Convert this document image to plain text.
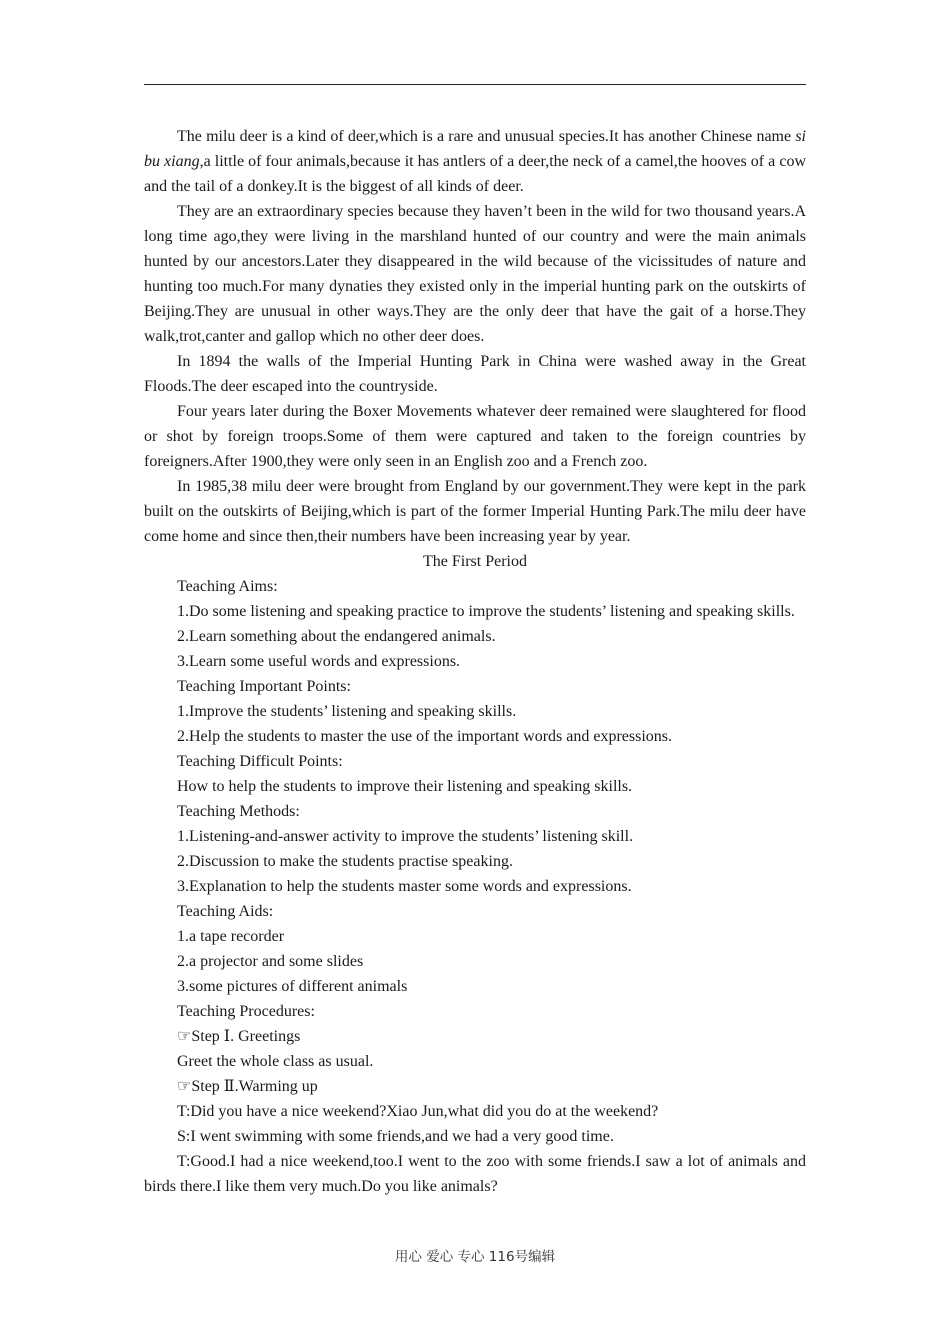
The milu deer is a kind of deer,which is a rare and unusual species.It has another Chinese name si bu xiang,a little of four animals,because it has antlers of a deer,the neck of a camel,the hooves of a cow and the tail of a donkey.It is the biggest of all kinds of deer.

They are an extraordinary species because they haven’t been in the wild for two thousand years.A long time ago,they were living in the marshland hunted of our country and were the main animals hunted by our ancestors.Later they disappeared in the wild because of the vicissitudes of nature and hunting too much.For many dynaties they existed only in the imperial hunting park on the outskirts of Beijing.They are unusual in other ways.They are the only deer that have the gait of a horse.They walk,trot,canter and gallop which no other deer does.

In 1894 the walls of the Imperial Hunting Park in China were washed away in the Great Floods.The deer escaped into the countryside.

Four years later during the Boxer Movements whatever deer remained were slaughtered for flood or shot by foreign troops.Some of them were captured and taken to the foreign countries by foreigners.After 1900,they were only seen in an English zoo and a French zoo.

In 1985,38 milu deer were brought from England by our government.They were kept in the park built on the outskirts of Beijing,which is part of the former Imperial Hunting Park.The milu deer have come home and since then,their numbers have been increasing year by year.

The First Period

Teaching Aims:

1.Do some listening and speaking practice to improve the students’ listening and speaking skills.

2.Learn something about the endangered animals.

3.Learn some useful words and expressions.

Teaching Important Points:

1.Improve the students’ listening and speaking skills.

2.Help the students to master the use of the important words and expressions.

Teaching Difficult Points:

How to help the students to improve their listening and speaking skills.

Teaching Methods:

1.Listening-and-answer activity to improve the students’ listening skill.

2.Discussion to make the students practise speaking.

3.Explanation to help the students master some words and expressions.

Teaching Aids:

1.a tape recorder

2.a projector and some slides

3.some pictures of different animals

Teaching Procedures:

☞Step Ⅰ. Greetings

Greet the whole class as usual.

☞Step Ⅱ.Warming up

T:Did you have a nice weekend?Xiao Jun,what did you do at the weekend?

S:I went swimming with some friends,and we had a very good time.

T:Good.I had a nice weekend,too.I went to the zoo with some friends.I saw a lot of animals and birds there.I like them very much.Do you like animals?

用心 爱心 专心 116号编辑
